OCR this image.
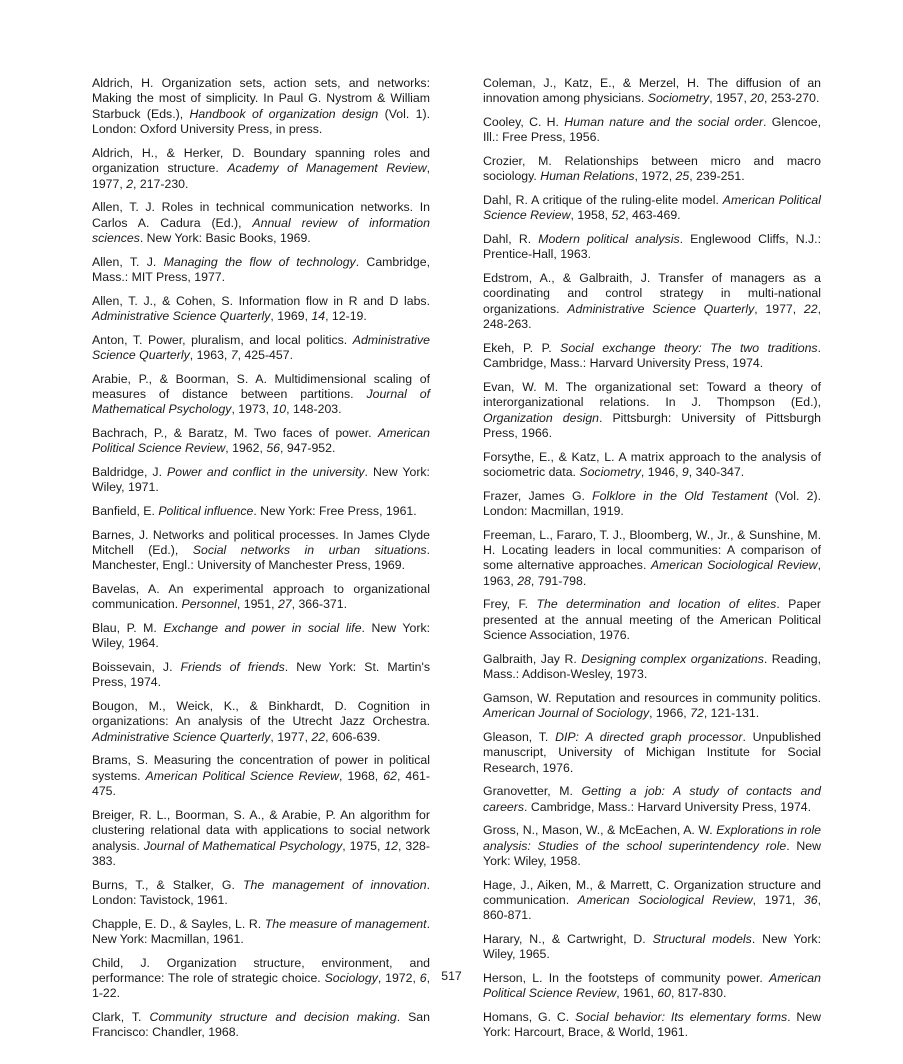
Aldrich, H. Organization sets, action sets, and networks: Making the most of simplicity. In Paul G. Nystrom & William Starbuck (Eds.), Handbook of organization design (Vol. 1). London: Oxford University Press, in press.

Aldrich, H., & Herker, D. Boundary spanning roles and organization structure. Academy of Management Review, 1977, 2, 217-230.

Allen, T. J. Roles in technical communication networks. In Carlos A. Cadura (Ed.), Annual review of information sciences. New York: Basic Books, 1969.

Allen, T. J. Managing the flow of technology. Cambridge, Mass.: MIT Press, 1977.

Allen, T. J., & Cohen, S. Information flow in R and D labs. Administrative Science Quarterly, 1969, 14, 12-19.

Anton, T. Power, pluralism, and local politics. Administrative Science Quarterly, 1963, 7, 425-457.

Arabie, P., & Boorman, S. A. Multidimensional scaling of measures of distance between partitions. Journal of Mathematical Psychology, 1973, 10, 148-203.

Bachrach, P., & Baratz, M. Two faces of power. American Political Science Review, 1962, 56, 947-952.

Baldridge, J. Power and conflict in the university. New York: Wiley, 1971.

Banfield, E. Political influence. New York: Free Press, 1961.

Barnes, J. Networks and political processes. In James Clyde Mitchell (Ed.), Social networks in urban situations. Manchester, Engl.: University of Manchester Press, 1969.

Bavelas, A. An experimental approach to organizational communication. Personnel, 1951, 27, 366-371.

Blau, P. M. Exchange and power in social life. New York: Wiley, 1964.

Boissevain, J. Friends of friends. New York: St. Martin's Press, 1974.

Bougon, M., Weick, K., & Binkhardt, D. Cognition in organizations: An analysis of the Utrecht Jazz Orchestra. Administrative Science Quarterly, 1977, 22, 606-639.

Brams, S. Measuring the concentration of power in political systems. American Political Science Review, 1968, 62, 461-475.

Breiger, R. L., Boorman, S. A., & Arabie, P. An algorithm for clustering relational data with applications to social network analysis. Journal of Mathematical Psychology, 1975, 12, 328-383.

Burns, T., & Stalker, G. The management of innovation. London: Tavistock, 1961.

Chapple, E. D., & Sayles, L. R. The measure of management. New York: Macmillan, 1961.

Child, J. Organization structure, environment, and performance: The role of strategic choice. Sociology, 1972, 6, 1-22.

Clark, T. Community structure and decision making. San Francisco: Chandler, 1968.

Coleman, J., Katz, E., & Merzel, H. The diffusion of an innovation among physicians. Sociometry, 1957, 20, 253-270.

Cooley, C. H. Human nature and the social order. Glencoe, Ill.: Free Press, 1956.

Crozier, M. Relationships between micro and macro sociology. Human Relations, 1972, 25, 239-251.

Dahl, R. A critique of the ruling-elite model. American Political Science Review, 1958, 52, 463-469.

Dahl, R. Modern political analysis. Englewood Cliffs, N.J.: Prentice-Hall, 1963.

Edstrom, A., & Galbraith, J. Transfer of managers as a coordinating and control strategy in multi-national organizations. Administrative Science Quarterly, 1977, 22, 248-263.

Ekeh, P. P. Social exchange theory: The two traditions. Cambridge, Mass.: Harvard University Press, 1974.

Evan, W. M. The organizational set: Toward a theory of interorganizational relations. In J. Thompson (Ed.), Organization design. Pittsburgh: University of Pittsburgh Press, 1966.

Forsythe, E., & Katz, L. A matrix approach to the analysis of sociometric data. Sociometry, 1946, 9, 340-347.

Frazer, James G. Folklore in the Old Testament (Vol. 2). London: Macmillan, 1919.

Freeman, L., Fararo, T. J., Bloomberg, W., Jr., & Sunshine, M. H. Locating leaders in local communities: A comparison of some alternative approaches. American Sociological Review, 1963, 28, 791-798.

Frey, F. The determination and location of elites. Paper presented at the annual meeting of the American Political Science Association, 1976.

Galbraith, Jay R. Designing complex organizations. Reading, Mass.: Addison-Wesley, 1973.

Gamson, W. Reputation and resources in community politics. American Journal of Sociology, 1966, 72, 121-131.

Gleason, T. DIP: A directed graph processor. Unpublished manuscript, University of Michigan Institute for Social Research, 1976.

Granovetter, M. Getting a job: A study of contacts and careers. Cambridge, Mass.: Harvard University Press, 1974.

Gross, N., Mason, W., & McEachen, A. W. Explorations in role analysis: Studies of the school superintendency role. New York: Wiley, 1958.

Hage, J., Aiken, M., & Marrett, C. Organization structure and communication. American Sociological Review, 1971, 36, 860-871.

Harary, N., & Cartwright, D. Structural models. New York: Wiley, 1965.

Herson, L. In the footsteps of community power. American Political Science Review, 1961, 60, 817-830.

Homans, G. C. Social behavior: Its elementary forms. New York: Harcourt, Brace, & World, 1961.

517
